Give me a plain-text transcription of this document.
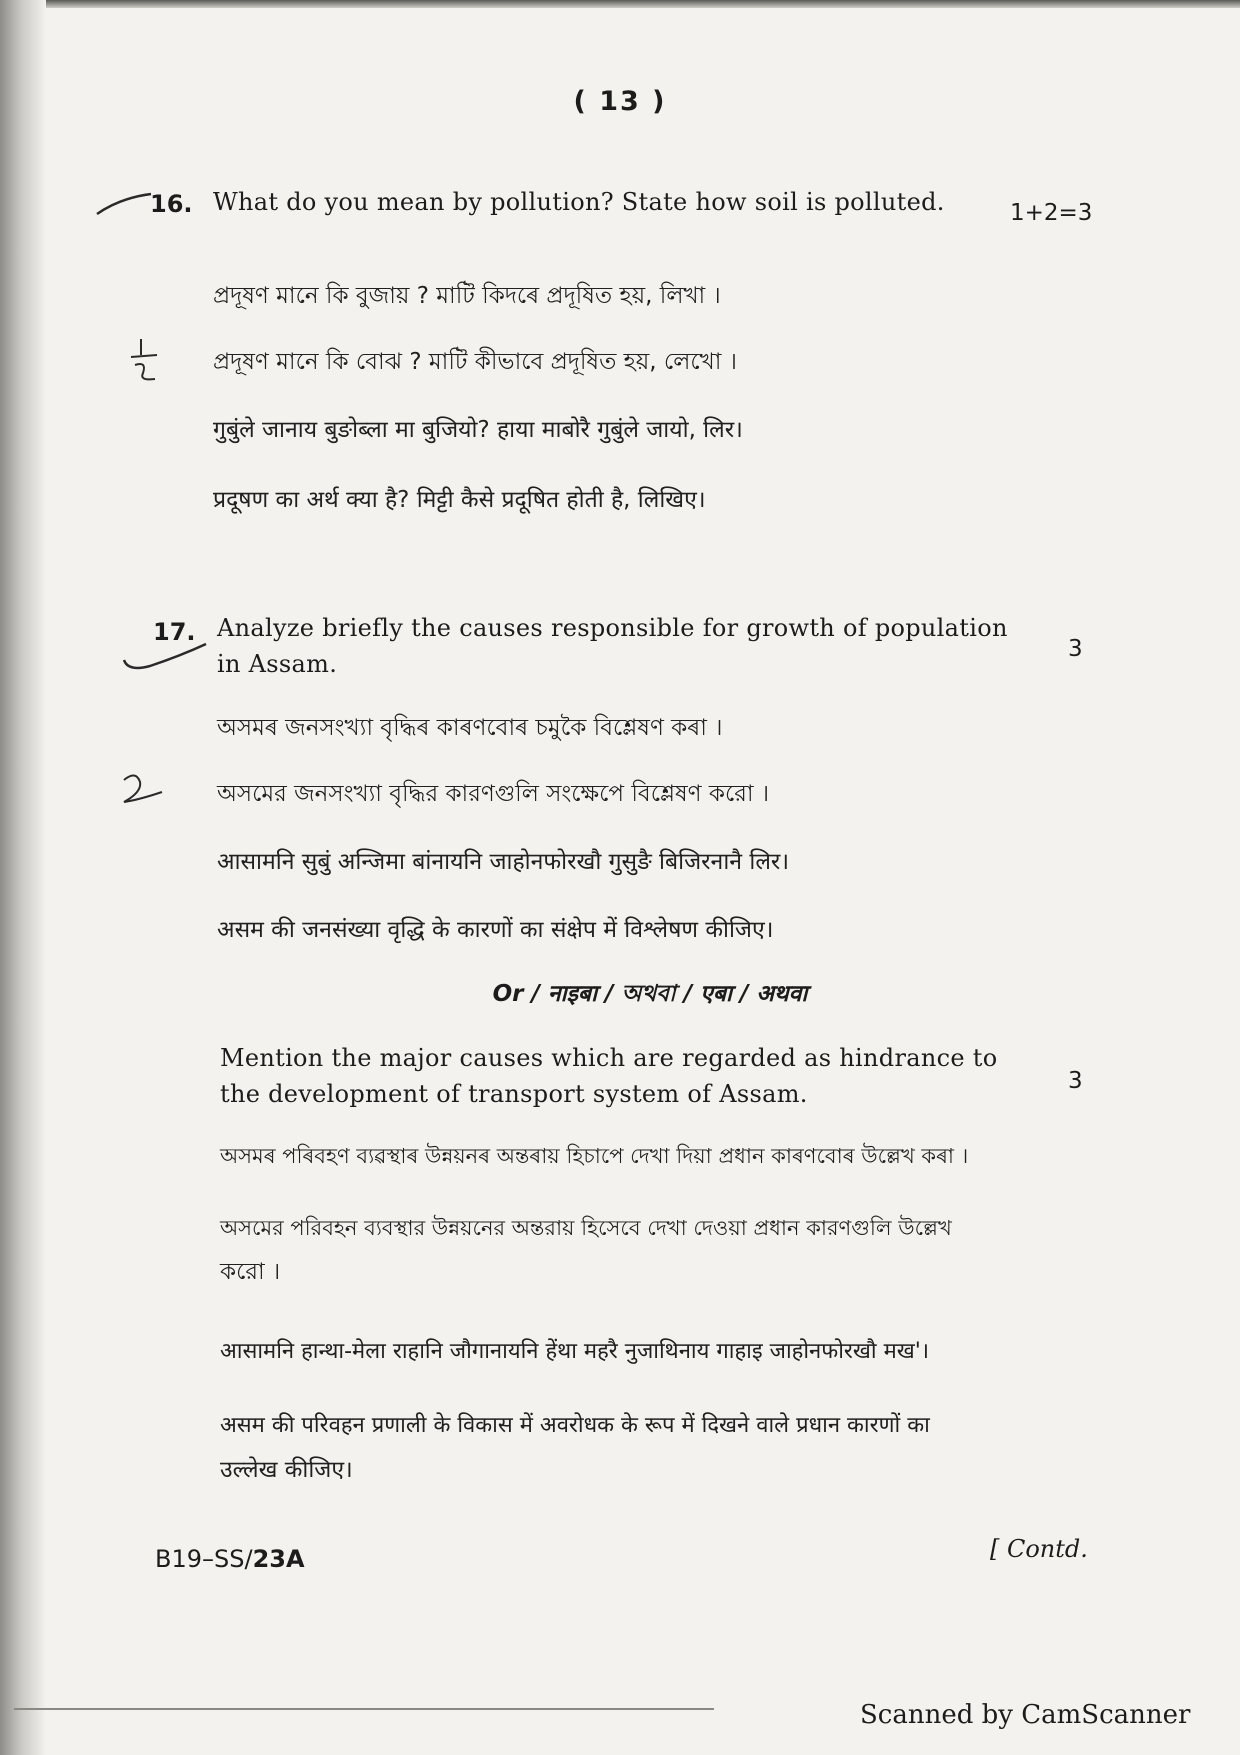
( 13 )
16. What do you mean by pollution? State how soil is polluted.	1+2=3
প্ৰদূষণ মানে কি বুজায় ? মাটি কিদৰে প্ৰদূষিত হয়, লিখা ।
প্রদূষণ মানে কি বোঝ ? মাটি কীভাবে প্রদূষিত হয়, লেখো ।
गुबुंले जानाय बुङोब्ला मा बुजियो? हाया माबोरै गुबुंले जायो, लिर।
प्रदूषण का अर्थ क्या है? मिट्टी कैसे प्रदूषित होती है, लिखिए।
17. Analyze briefly the causes responsible for growth of population
in Assam.
3
অসমৰ জনসংখ্যা বৃদ্ধিৰ কাৰণবোৰ চমুকৈ বিশ্লেষণ কৰা ।
অসমের জনসংখ্যা বৃদ্ধির কারণগুলি সংক্ষেপে বিশ্লেষণ করো ।
आसामनि सुबुं अन्जिमा बांनायनि जाहोनफोरखौ गुसुङै बिजिरनानै लिर।
असम की जनसंख्या वृद्धि के कारणों का संक्षेप में विश्लेषण कीजिए।
Or / नाइबा / অথবা / एबा / अथवा
Mention the major causes which are regarded as hindrance to
the development of transport system of Assam.	3
অসমৰ পৰিবহণ ব্যৱস্থাৰ উন্নয়নৰ অন্তৰায় হিচাপে দেখা দিয়া প্ৰধান কাৰণবোৰ উল্লেখ কৰা ।
অসমের পরিবহন ব্যবস্থার উন্নয়নের অন্তরায় হিসেবে দেখা দেওয়া প্রধান কারণগুলি উল্লেখ
করো ।
आसामनि हान्था-मेला राहानि जौगानायनि हेंथा महरै नुजाथिनाय गाहाइ जाहोनफोरखौ मख'।
असम की परिवहन प्रणाली के विकास में अवरोधक के रूप में दिखने वाले प्रधान कारणों का
उल्लेख कीजिए।
B19–SS/23A	[ Contd.
Scanned by CamScanner
